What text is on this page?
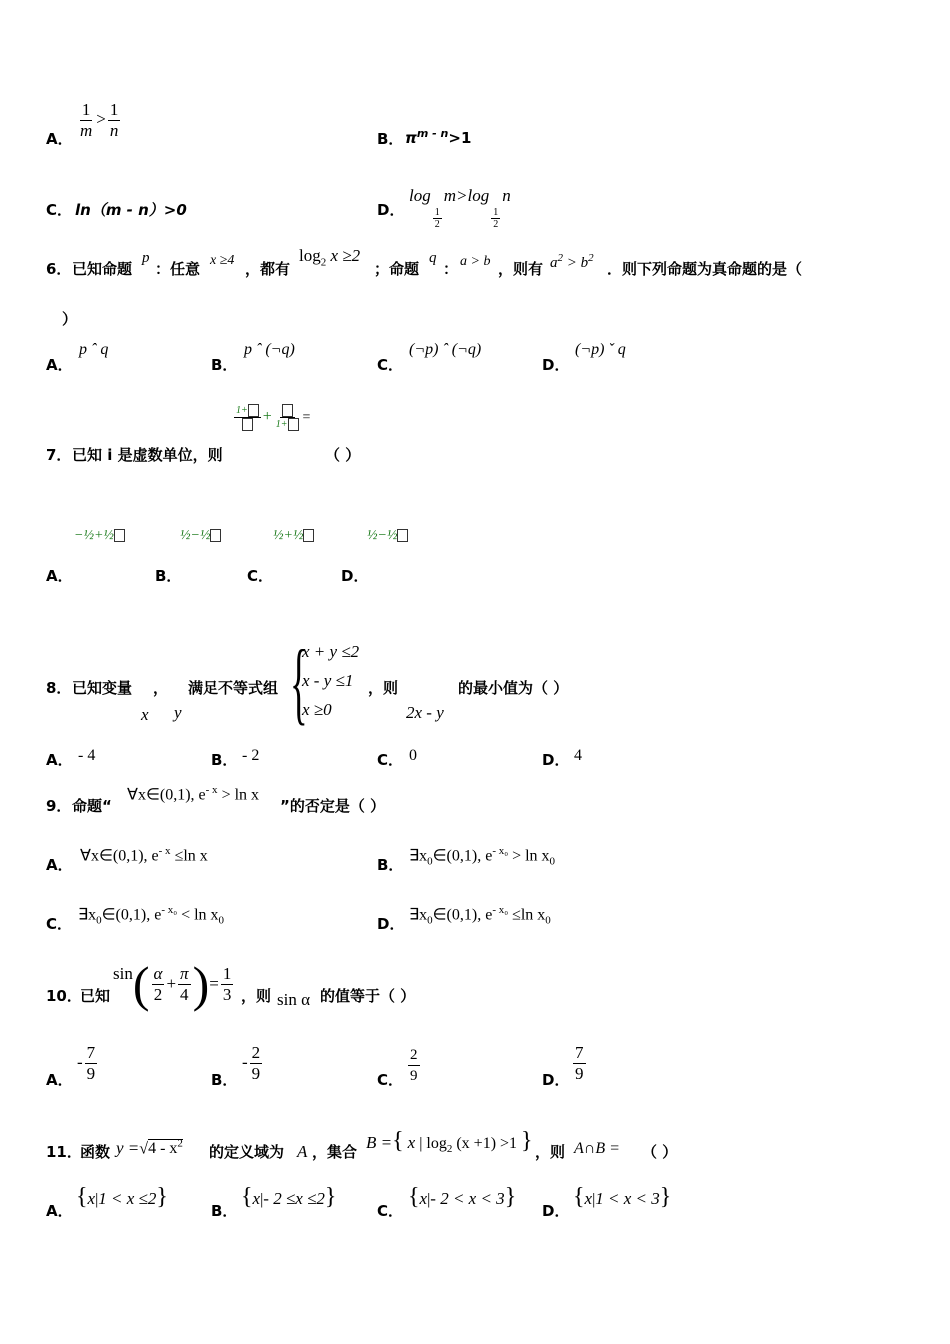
A． $\frac{1}{m} > \frac{1}{n}$	B． $\pi^{m - n}>1$
C． ln（m - n）>0	D．
log
$\frac{1}{2}$
m>log
$\frac{1}{2}$
n
6． 已知命题
p
：任意 x ≥4 ，都有
$\log_2 x \ge 2$
；命题
q
： a > b ，则有 $a^2 > b^2$
．则下列命题为真命题的是（
）
A．
p ˆ q
B．
p ˆ (¬q)
C．
(¬p) ˆ (¬q)
D．
(¬p) ˇ q
1+ + 1+	=
7． 已知 i 是虚数单位，则	（ ）
−½+½	½−½	½+½	½−½
A．	B．	C．	D．
8． 已知变量 ， 满足不等式组
x y {
x + y ≤2
x - y ≤1
x ≥0
，则	的最小值为（ ）
2x - y
A． - 4	B． - 2	C． 0	D． 4
9． 命题“
∀x∈(0,1), $e^{- x} > \ln x$
”的否定是（ ）
A．
∀x∈(0,1), $e^{- x} \le\ln$ x
B．
$\exists x_0\in(0,1)$, $e^{- x_0} > \ln x_0$
C．
$\exists x_0\in(0,1)$, $e^{- x_0} < \ln x_0$	D．
$\exists x_0\in(0,1)$, $e^{- x_0} \le\ln$ $x_0$
10．
已知
sin ( $\frac{\alpha}{2} + \frac{\pi}{4}$ ) = $\frac{1}{3}$ ，则 sin α 的值等于（ ）
A．
- $\frac{7}{9}$	B．
- $\frac{2}{9}$	C． $\frac{2}{9}$	D． $\frac{7}{9}$
11．
函数 $y =√4 - x^2$ 的定义域为 A ，集合 B ={ x | $\log_2 (x +1) >1$ } ，则 A∩B = （ ）
A．
{x|1 < x ≤2}
B．
{x|- 2 ≤x ≤2}
C．
{x|- 2 < x < 3}
D．
{x|1 < x < 3}
